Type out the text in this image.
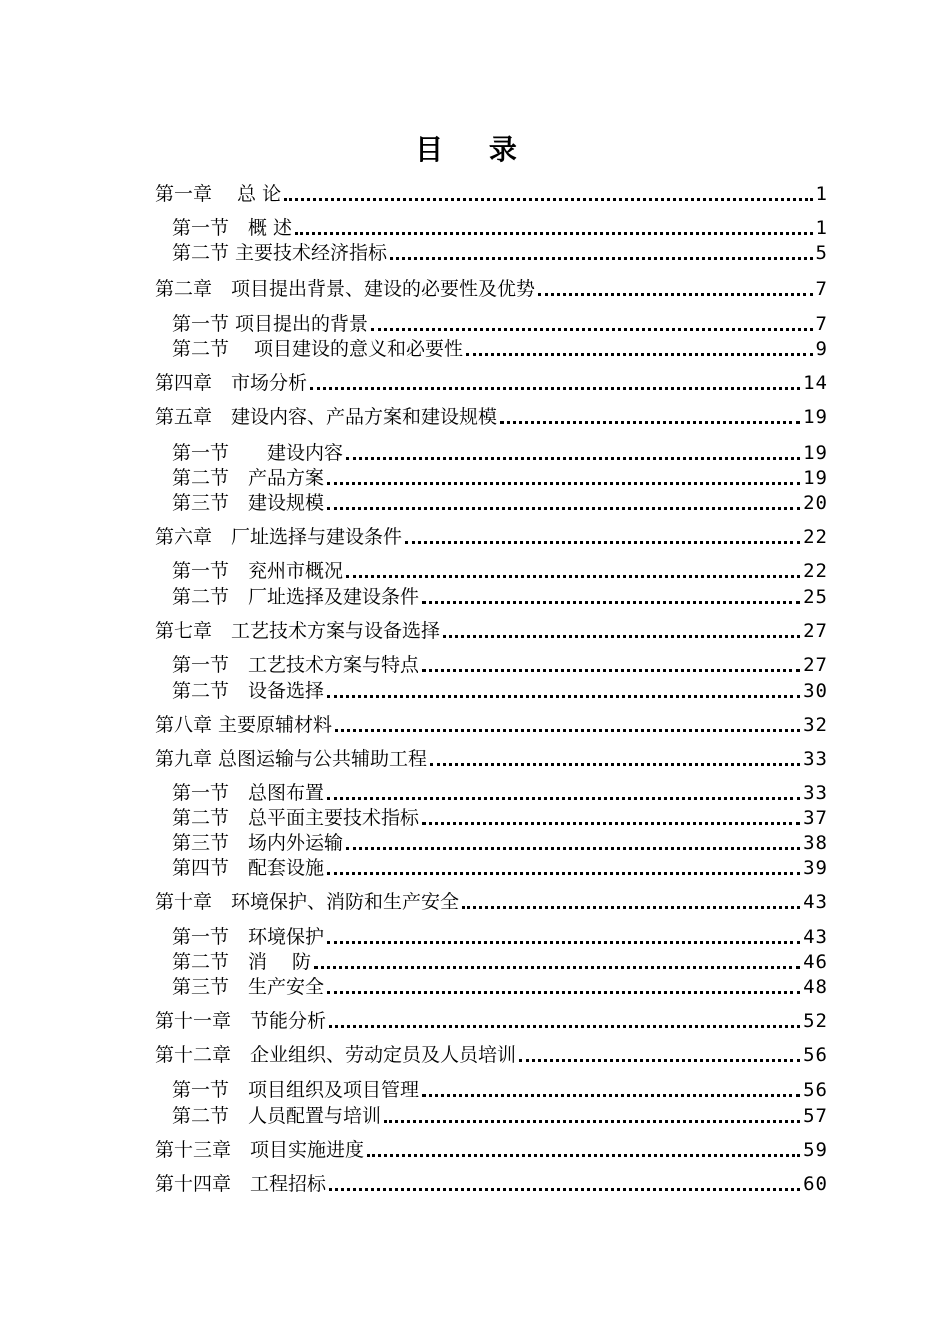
目 录
第一章　 总 论	1
第一节　概 述	1
第二节 主要技术经济指标	5
第二章　项目提出背景、建设的必要性及优势	7
第一节 项目提出的背景	7
第二节　 项目建设的意义和必要性	9
第四章　市场分析	14
第五章　建设内容、产品方案和建设规模	19
第一节　　建设内容	19
第二节　产品方案	19
第三节　建设规模	20
第六章　厂址选择与建设条件	22
第一节　兖州市概况	22
第二节　厂址选择及建设条件	25
第七章　工艺技术方案与设备选择	27
第一节　工艺技术方案与特点	27
第二节　设备选择	30
第八章 主要原辅材料	32
第九章 总图运输与公共辅助工程	33
第一节　总图布置	33
第二节　总平面主要技术指标	37
第三节　场内外运输	38
第四节　配套设施	39
第十章　环境保护、消防和生产安全	43
第一节　环境保护	43
第二节　消　 防	46
第三节　生产安全	48
第十一章　节能分析	52
第十二章　企业组织、劳动定员及人员培训	56
第一节　项目组织及项目管理	56
第二节　人员配置与培训	57
第十三章　项目实施进度	59
第十四章　工程招标	60
